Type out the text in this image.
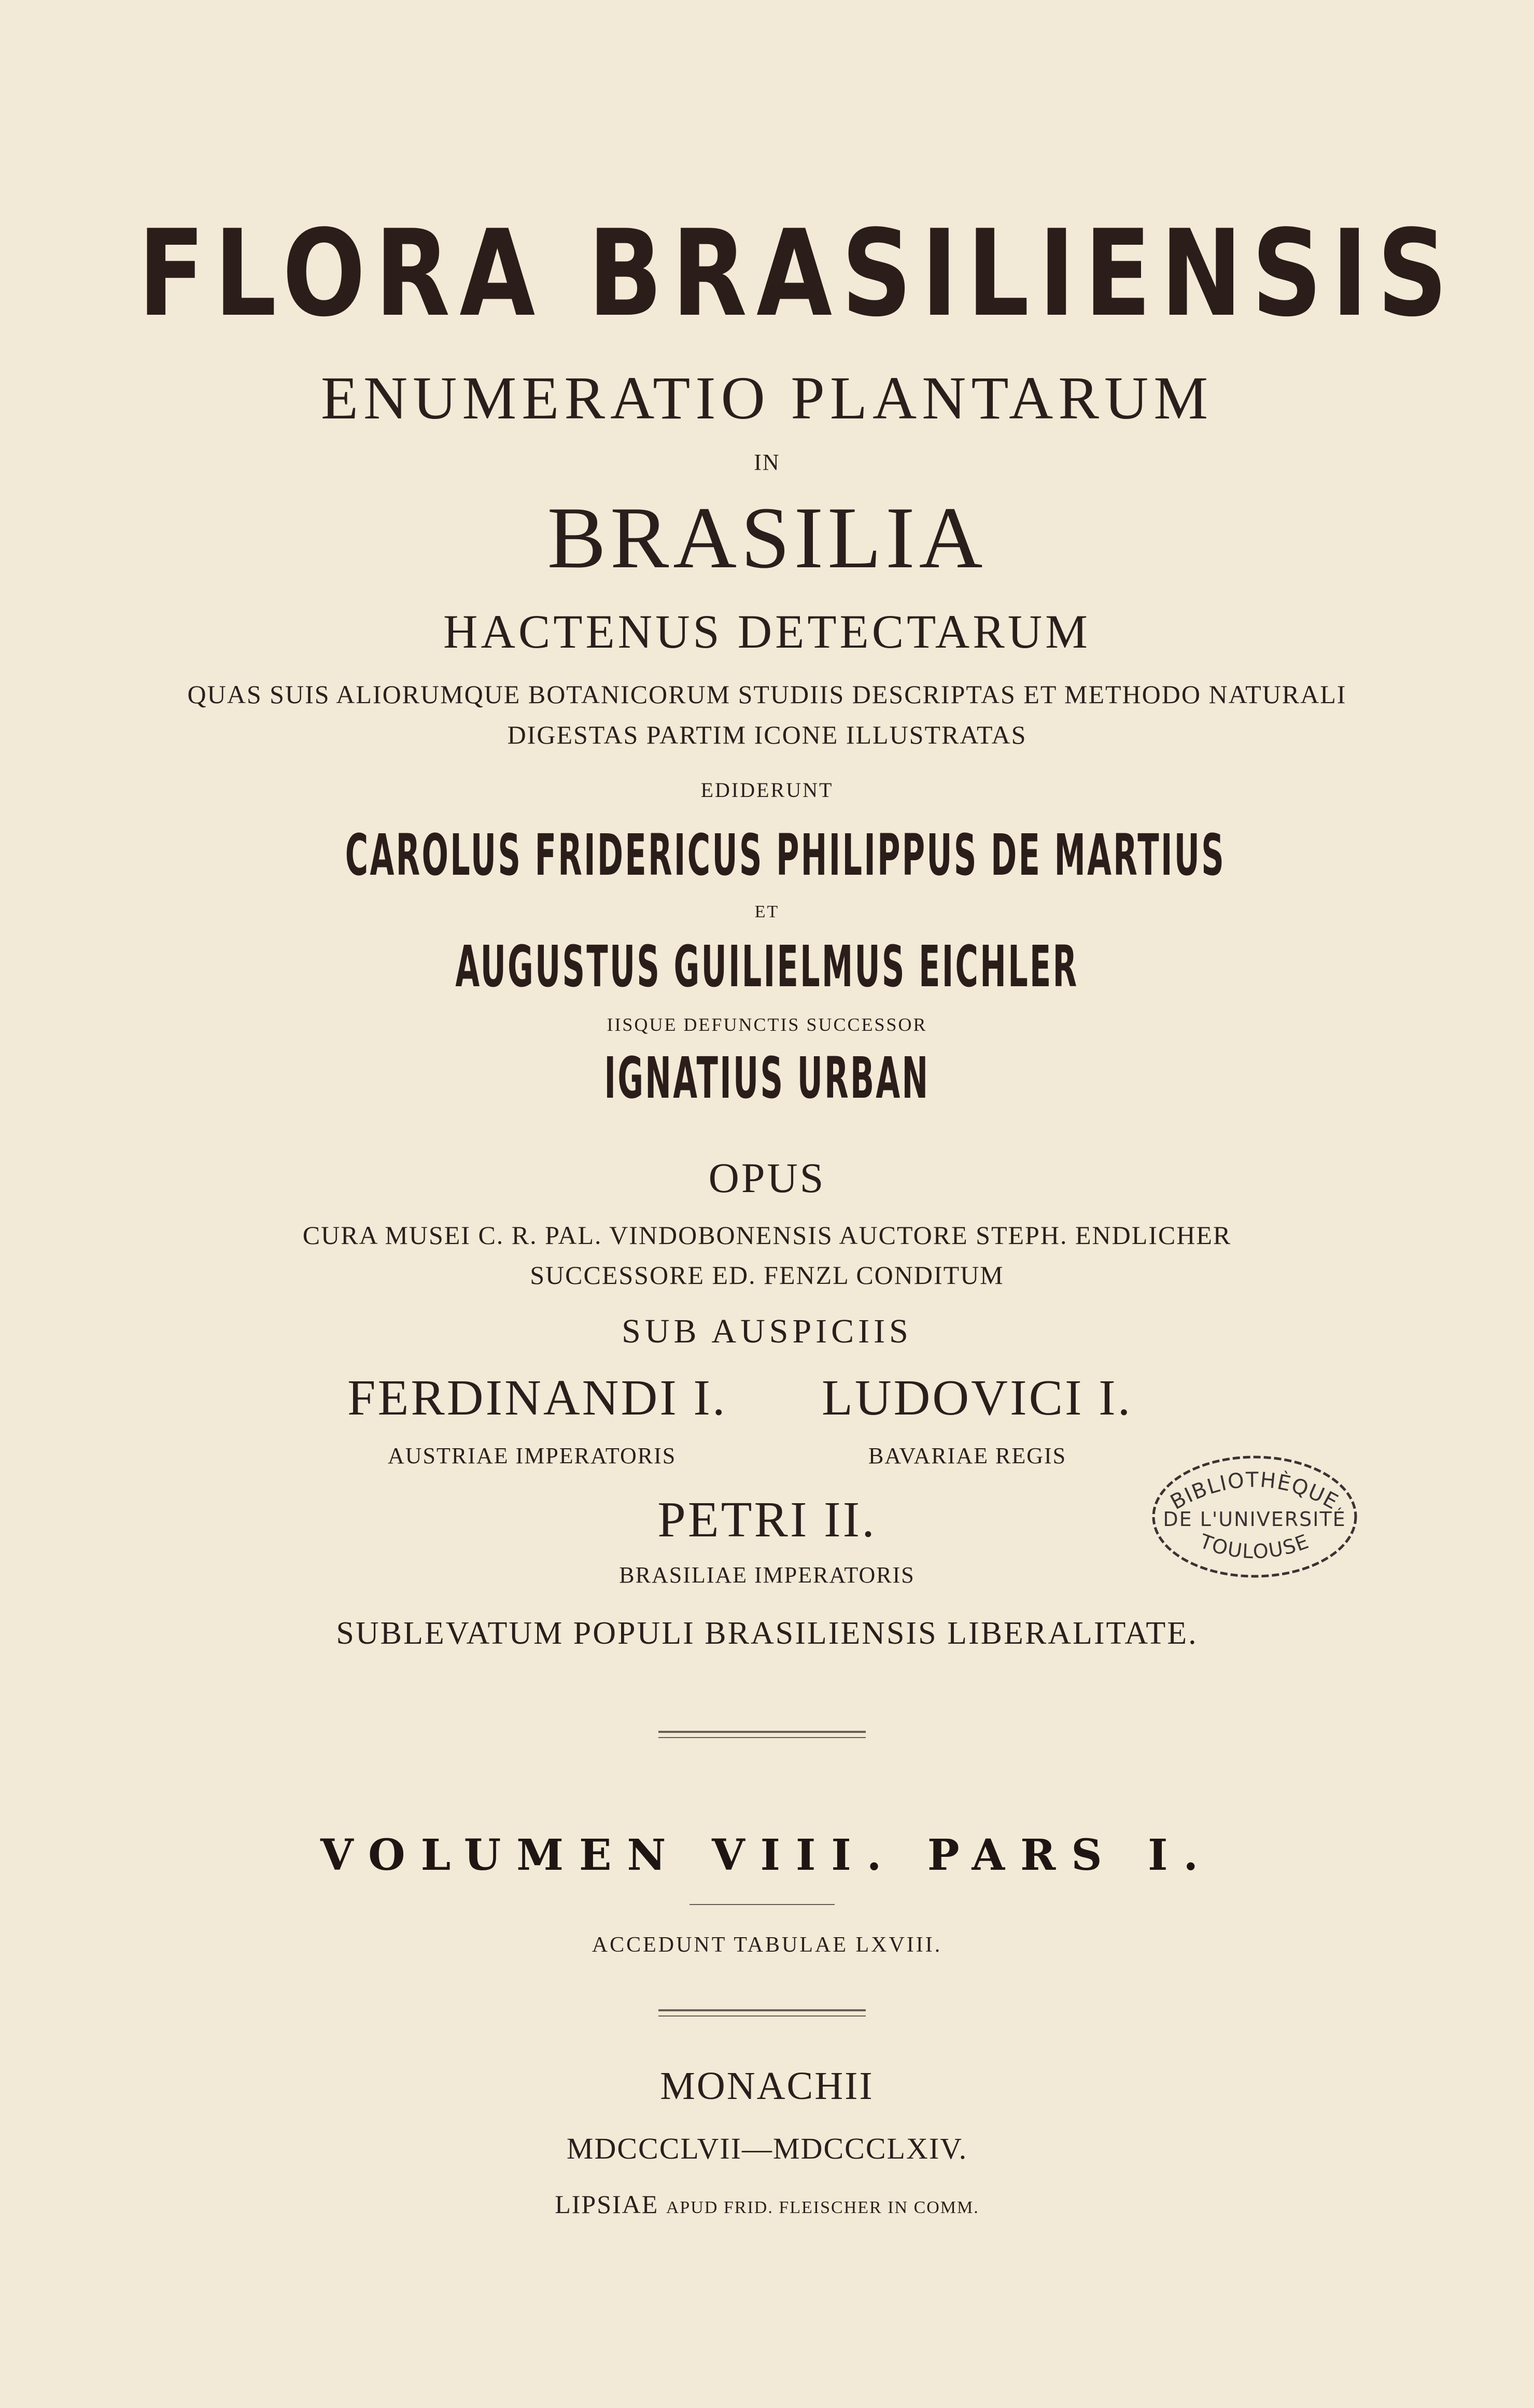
FLORA BRASILIENSIS
ENUMERATIO PLANTARUM
IN
BRASILIA
HACTENUS DETECTARUM
QUAS SUIS ALIORUMQUE BOTANICORUM STUDIIS DESCRIPTAS ET METHODO NATURALI
DIGESTAS PARTIM ICONE ILLUSTRATAS
EDIDERUNT
CAROLUS FRIDERICUS PHILIPPUS DE MARTIUS
ET
AUGUSTUS GUILIELMUS EICHLER
IISQUE DEFUNCTIS SUCCESSOR
IGNATIUS URBAN
OPUS
CURA MUSEI C. R. PAL. VINDOBONENSIS AUCTORE STEPH. ENDLICHER
SUCCESSORE ED. FENZL CONDITUM
SUB AUSPICIIS
FERDINANDI I. LUDOVICI I.
AUSTRIAE IMPERATORIS	BAVARIAE REGIS
PETRI II.
BRASILIAE IMPERATORIS
SUBLEVATUM POPULI BRASILIENSIS LIBERALITATE.
VOLUMEN VIII. PARS I.
ACCEDUNT TABULAE LXVIII.
MONACHII
MDCCCLVII—MDCCCLXIV.
LIPSIAE APUD FRID. FLEISCHER IN COMM.
BIBLIOTHÈQUE
DE L'UNIVERSITÉ
TOULOUSE
